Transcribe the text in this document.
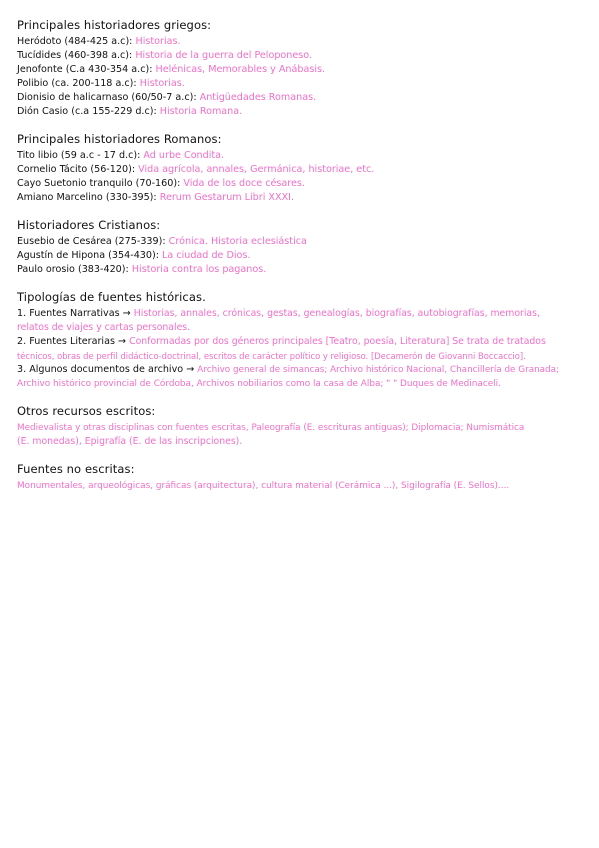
Principales historiadores griegos:
Heródoto (484-425 a.c): Historias.
Tucídides (460-398 a.c): Historia de la guerra del Peloponeso.
Jenofonte (C.a 430-354 a.c): Helénicas, Memorables y Anábasis.
Polibio (ca. 200-118 a.c): Historias.
Dionisio de halicarnaso (60/50-7 a.c): Antigüedades Romanas.
Dión Casio (c.a 155-229 d.c): Historia Romana.
Principales historiadores Romanos:
Tito libio (59 a.c - 17 d.c): Ad urbe Condita.
Cornelio Tácito (56-120): Vida agrícola, annales, Germánica, historiae, etc.
Cayo Suetonio tranquilo (70-160): Vida de los doce césares.
Amiano Marcelino (330-395): Rerum Gestarum Libri XXXI.
Historiadores Cristianos:
Eusebio de Cesárea (275-339): Crónica. Historia eclesiástica
Agustín de Hipona (354-430): La ciudad de Dios.
Paulo orosio (383-420): Historia contra los paganos.
Tipologías de fuentes históricas.
1. Fuentes Narrativas → Historias, annales, crónicas, gestas, genealogías, biografías, autobiografías, memorias,
relatos de viajes y cartas personales.
2. Fuentes Literarias → Conformadas por dos géneros principales [Teatro, poesía, Literatura] Se trata de tratados
técnicos, obras de perfil didáctico-doctrinal, escritos de carácter político y religioso. [Decamerón de Giovanni Boccaccio].
3. Algunos documentos de archivo → Archivo general de simancas; Archivo histórico Nacional, Chancillería de Granada;
Archivo histórico provincial de Córdoba, Archivos nobiliarios como la casa de Alba; " " Duques de Medinaceli.
Otros recursos escritos:
Medievalista y otras disciplinas con fuentes escritas, Paleografía (E. escrituras antiguas); Diplomacia; Numismática
(E. monedas), Epigrafía (E. de las inscripciones).
Fuentes no escritas:
Monumentales, arqueológicas, gráficas (arquitectura), cultura material (Cerámica ...), Sigilografía (E. Sellos)....
